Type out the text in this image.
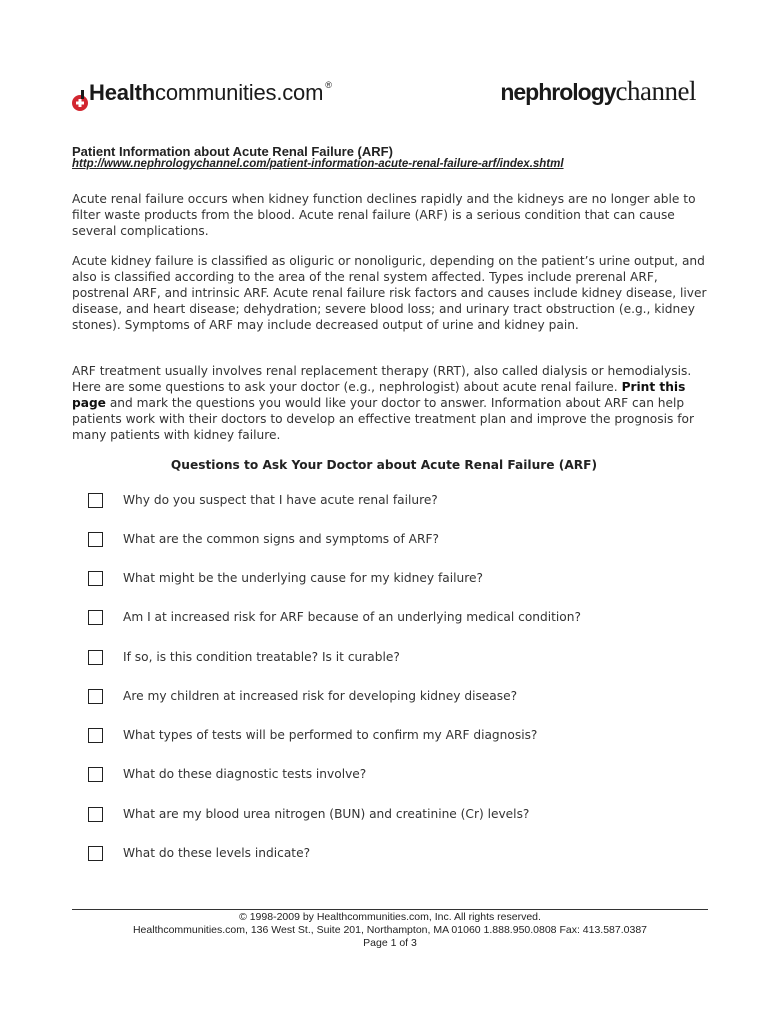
Healthcommunities.com ®	nephrologychannel
Patient Information about Acute Renal Failure (ARF)
http://www.nephrologychannel.com/patient-information-acute-renal-failure-arf/index.shtml

Acute renal failure occurs when kidney function declines rapidly and the kidneys are no longer able to filter waste products from the blood. Acute renal failure (ARF) is a serious condition that can cause several complications.

Acute kidney failure is classified as oliguric or nonoliguric, depending on the patient’s urine output, and also is classified according to the area of the renal system affected. Types include prerenal ARF, postrenal ARF, and intrinsic ARF. Acute renal failure risk factors and causes include kidney disease, liver disease, and heart disease; dehydration; severe blood loss; and urinary tract obstruction (e.g., kidney stones). Symptoms of ARF may include decreased output of urine and kidney pain.

ARF treatment usually involves renal replacement therapy (RRT), also called dialysis or hemodialysis. Here are some questions to ask your doctor (e.g., nephrologist) about acute renal failure. Print this page and mark the questions you would like your doctor to answer. Information about ARF can help patients work with their doctors to develop an effective treatment plan and improve the prognosis for many patients with kidney failure.

Questions to Ask Your Doctor about Acute Renal Failure (ARF)
Why do you suspect that I have acute renal failure?
What are the common signs and symptoms of ARF?
What might be the underlying cause for my kidney failure?
Am I at increased risk for ARF because of an underlying medical condition?
If so, is this condition treatable? Is it curable?
Are my children at increased risk for developing kidney disease?
What types of tests will be performed to confirm my ARF diagnosis?
What do these diagnostic tests involve?
What are my blood urea nitrogen (BUN) and creatinine (Cr) levels?
What do these levels indicate?
© 1998-2009 by Healthcommunities.com, Inc. All rights reserved.
Healthcommunities.com, 136 West St., Suite 201, Northampton, MA 01060 1.888.950.0808 Fax: 413.587.0387
Page 1 of 3
